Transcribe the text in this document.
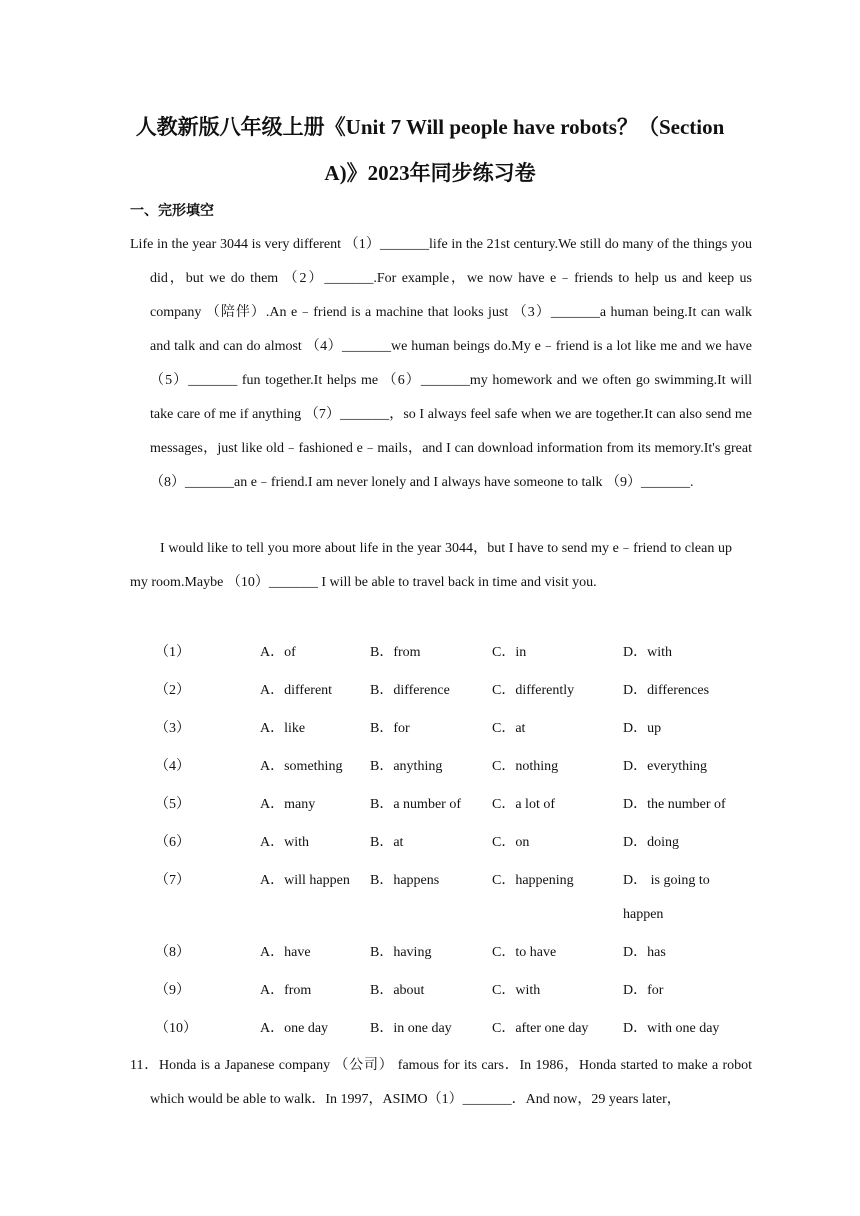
人教新版八年级上册《Unit 7 Will people have robots？（Section
A)》2023年同步练习卷
一、完形填空
Life in the year 3044 is very different （1）_______life in the 21st century.We still do many of the things you did，but we do them （2）_______.For example，we now have e﹣friends to help us and keep us company （陪伴）.An e﹣friend is a machine that looks just （3）_______a human being.It can walk and talk and can do almost （4）_______we human beings do.My e﹣friend is a lot like me and we have （5）_______ fun together.It helps me （6）_______my homework and we often go swimming.It will take care of me if anything （7）_______，so I always feel safe when we are together.It can also send me messages，just like old﹣fashioned e﹣mails，and I can download information from its memory.It's great（8）_______an e﹣friend.I am never lonely and I always have someone to talk （9）_______.
I would like to tell you more about life in the year 3044，but I have to send my e﹣friend to clean up my room.Maybe （10）_______ I will be able to travel back in time and visit you.
（1）	A．of	B．from	C．in	D．with
（2）	A．different	B．difference	C．differently	D．differences
（3）	A．like	B．for	C．at	D．up
（4）	A．something B．anything	C．nothing	D．everything
（5）	A．many	B．a number of C．a lot of	D．the number of
（6）	A．with	B．at	C．on	D．doing
（7）	A．will happen B．happens	C．happening	D． is going to happen
（8）	A．have	B．having	C．to have	D．has
（9）	A．from	B．about	C．with	D．for
（10）	A．one day	B．in one day	C．after one day D．with one day
11．Honda is a Japanese company （公司） famous for its cars．In 1986，Honda started to make a robot which would be able to walk．In 1997，ASIMO（1）_______．And now，29 years later，
